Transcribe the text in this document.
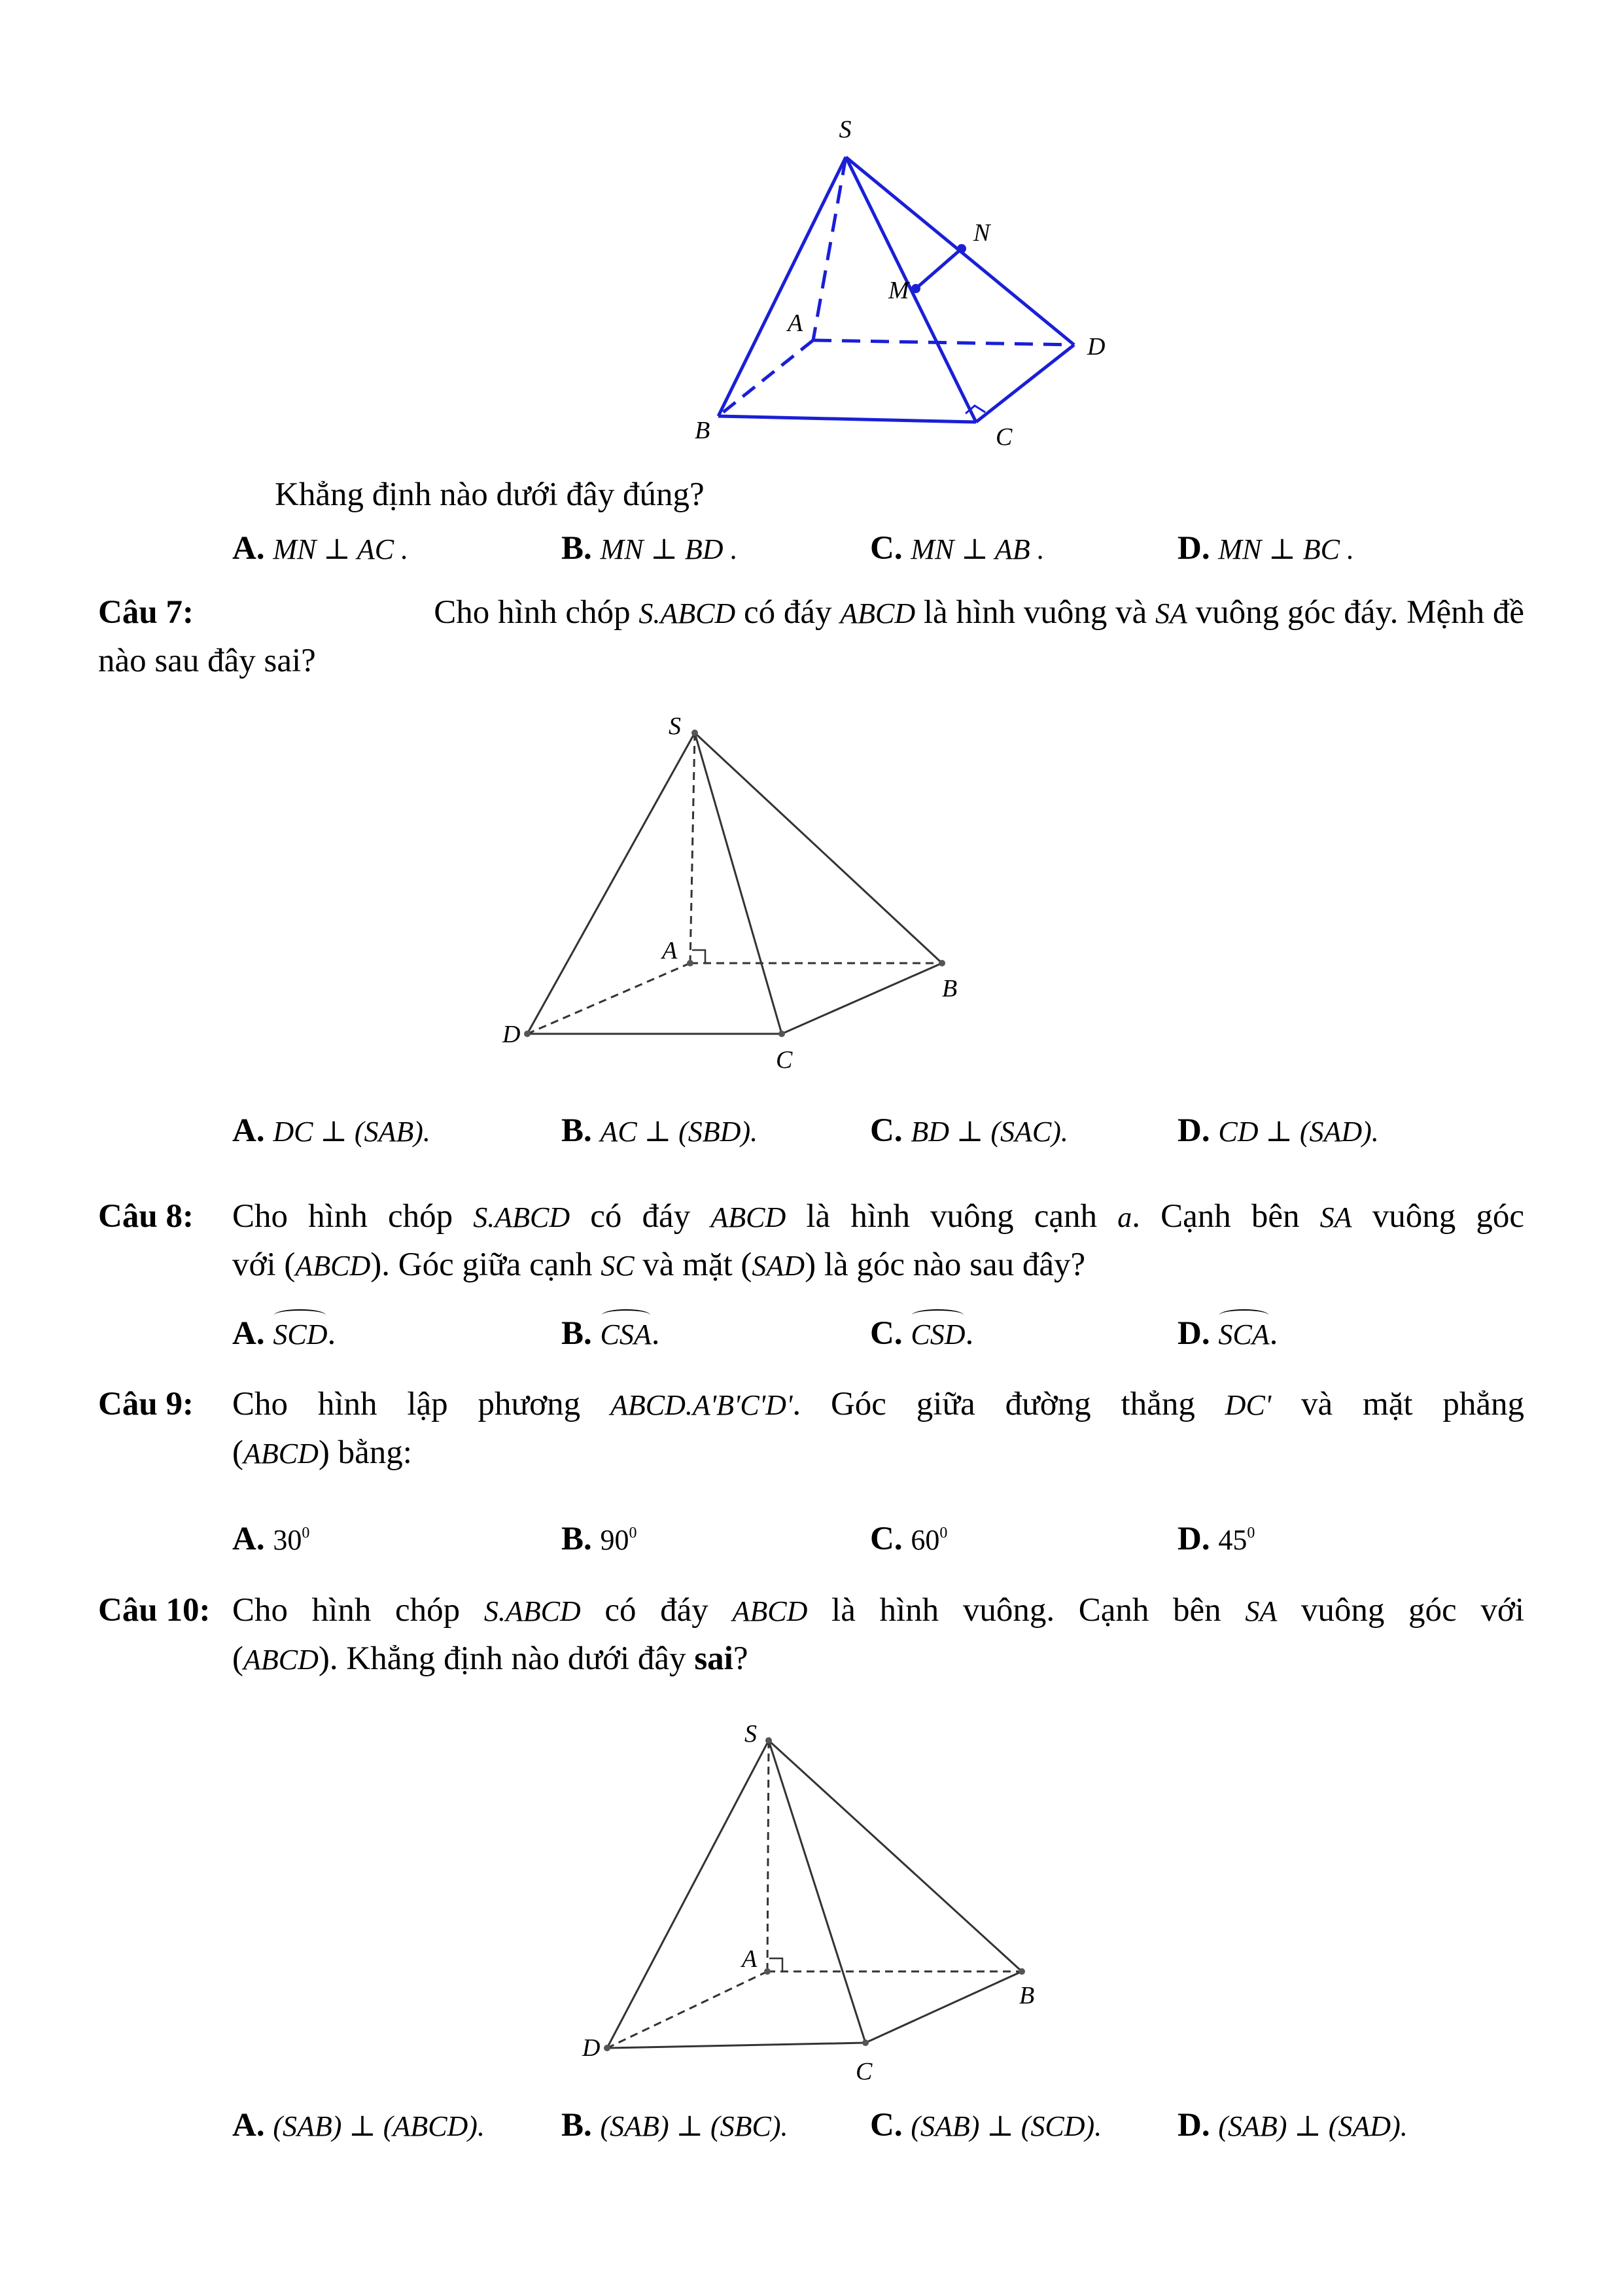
S
N
M
A
D
B	C
Khẳng định nào dưới đây đúng?
A. MN ⊥ AC .	B. MN ⊥ BD .	C. MN ⊥ AB .	D. MN ⊥ BC .
Câu 7:	Cho hình chóp S.ABCD có đáy ABCD là hình vuông và SA vuông góc đáy. Mệnh đề
nào sau đây sai?
S
A
B
C
D
A. DC ⊥ (SAB).	B. AC ⊥ (SBD).	C. BD ⊥ (SAC).	D. CD ⊥ (SAD).
Câu 8:	Cho hình chóp S.ABCD có đáy ABCD là hình vuông cạnh a. Cạnh bên SA vuông góc
với (ABCD). Góc giữa cạnh SC và mặt (SAD) là góc nào sau đây?
A. SCD.	B. CSA.	C. CSD.	D. SCA.
Câu 9:	Cho hình lập phương ABCD.A'B'C'D'. Góc giữa đường thẳng DC' và mặt phẳng
(ABCD) bằng:
A. $30^0$	B. $90^0$	C. $60^0$	D. $45^0$
Câu 10: Cho hình chóp S.ABCD có đáy ABCD là hình vuông. Cạnh bên SA vuông góc với
(ABCD). Khẳng định nào dưới đây sai?
S
A
B
C
D
A. (SAB) ⊥ (ABCD). B. (SAB) ⊥ (SBC). C. (SAB) ⊥ (SCD). D. (SAB) ⊥ (SAD).
